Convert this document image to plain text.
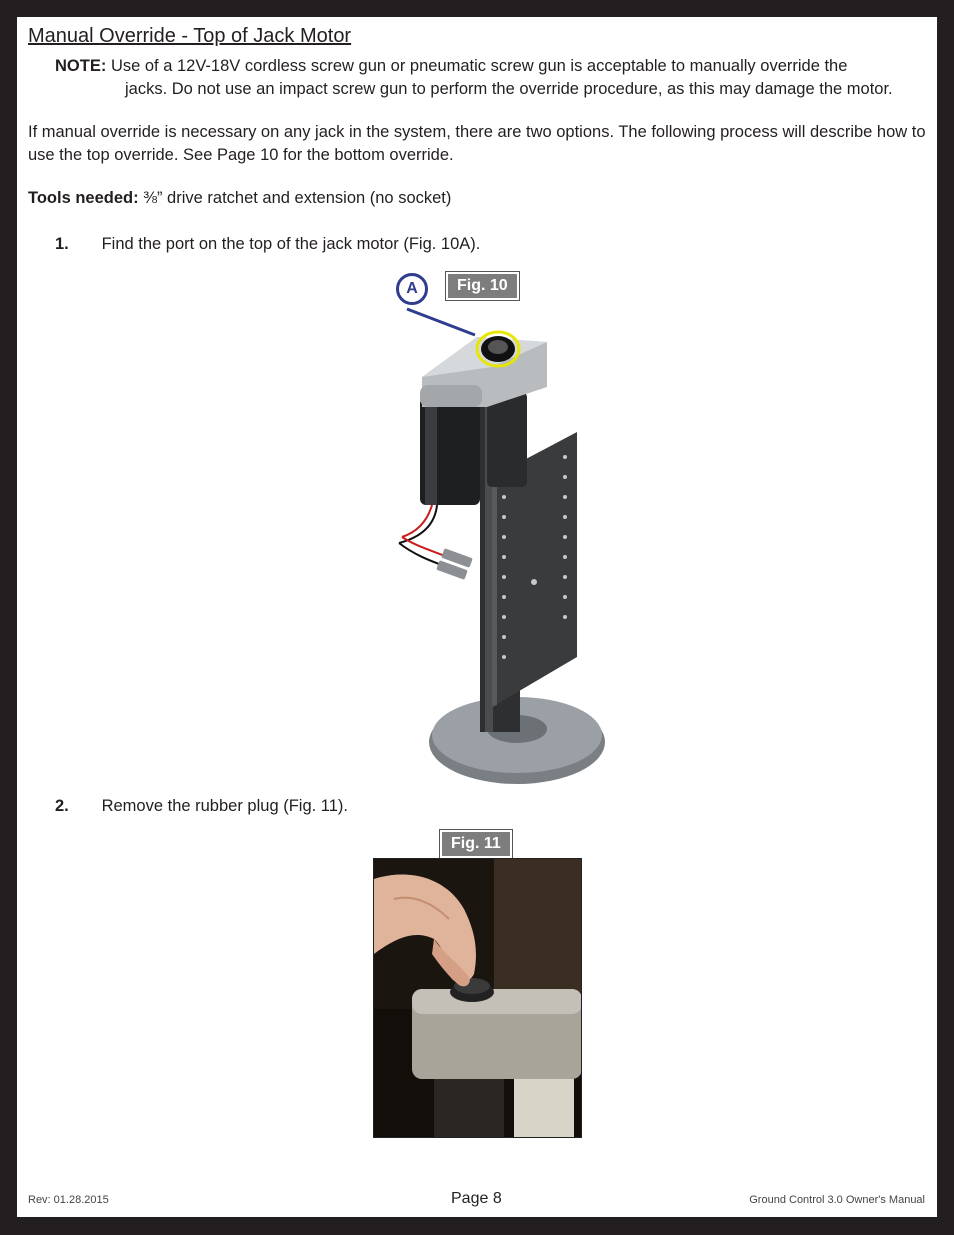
Manual Override - Top of Jack Motor
NOTE: Use of a 12V-18V cordless screw gun or pneumatic screw gun is acceptable to manually override the
jacks. Do not use an impact screw gun to perform the override procedure, as this may damage the motor.
If manual override is necessary on any jack in the system, there are two options. The following process will describe how to use the top override. See Page 10 for the bottom override.
Tools needed: ⅜” drive ratchet and extension (no socket)
1. Find the port on the top of the jack motor (Fig. 10A).
A	Fig. 10
2. Remove the rubber plug (Fig. 11).
Fig. 11
Rev: 01.28.2015	Page 8	Ground Control 3.0 Owner's Manual
